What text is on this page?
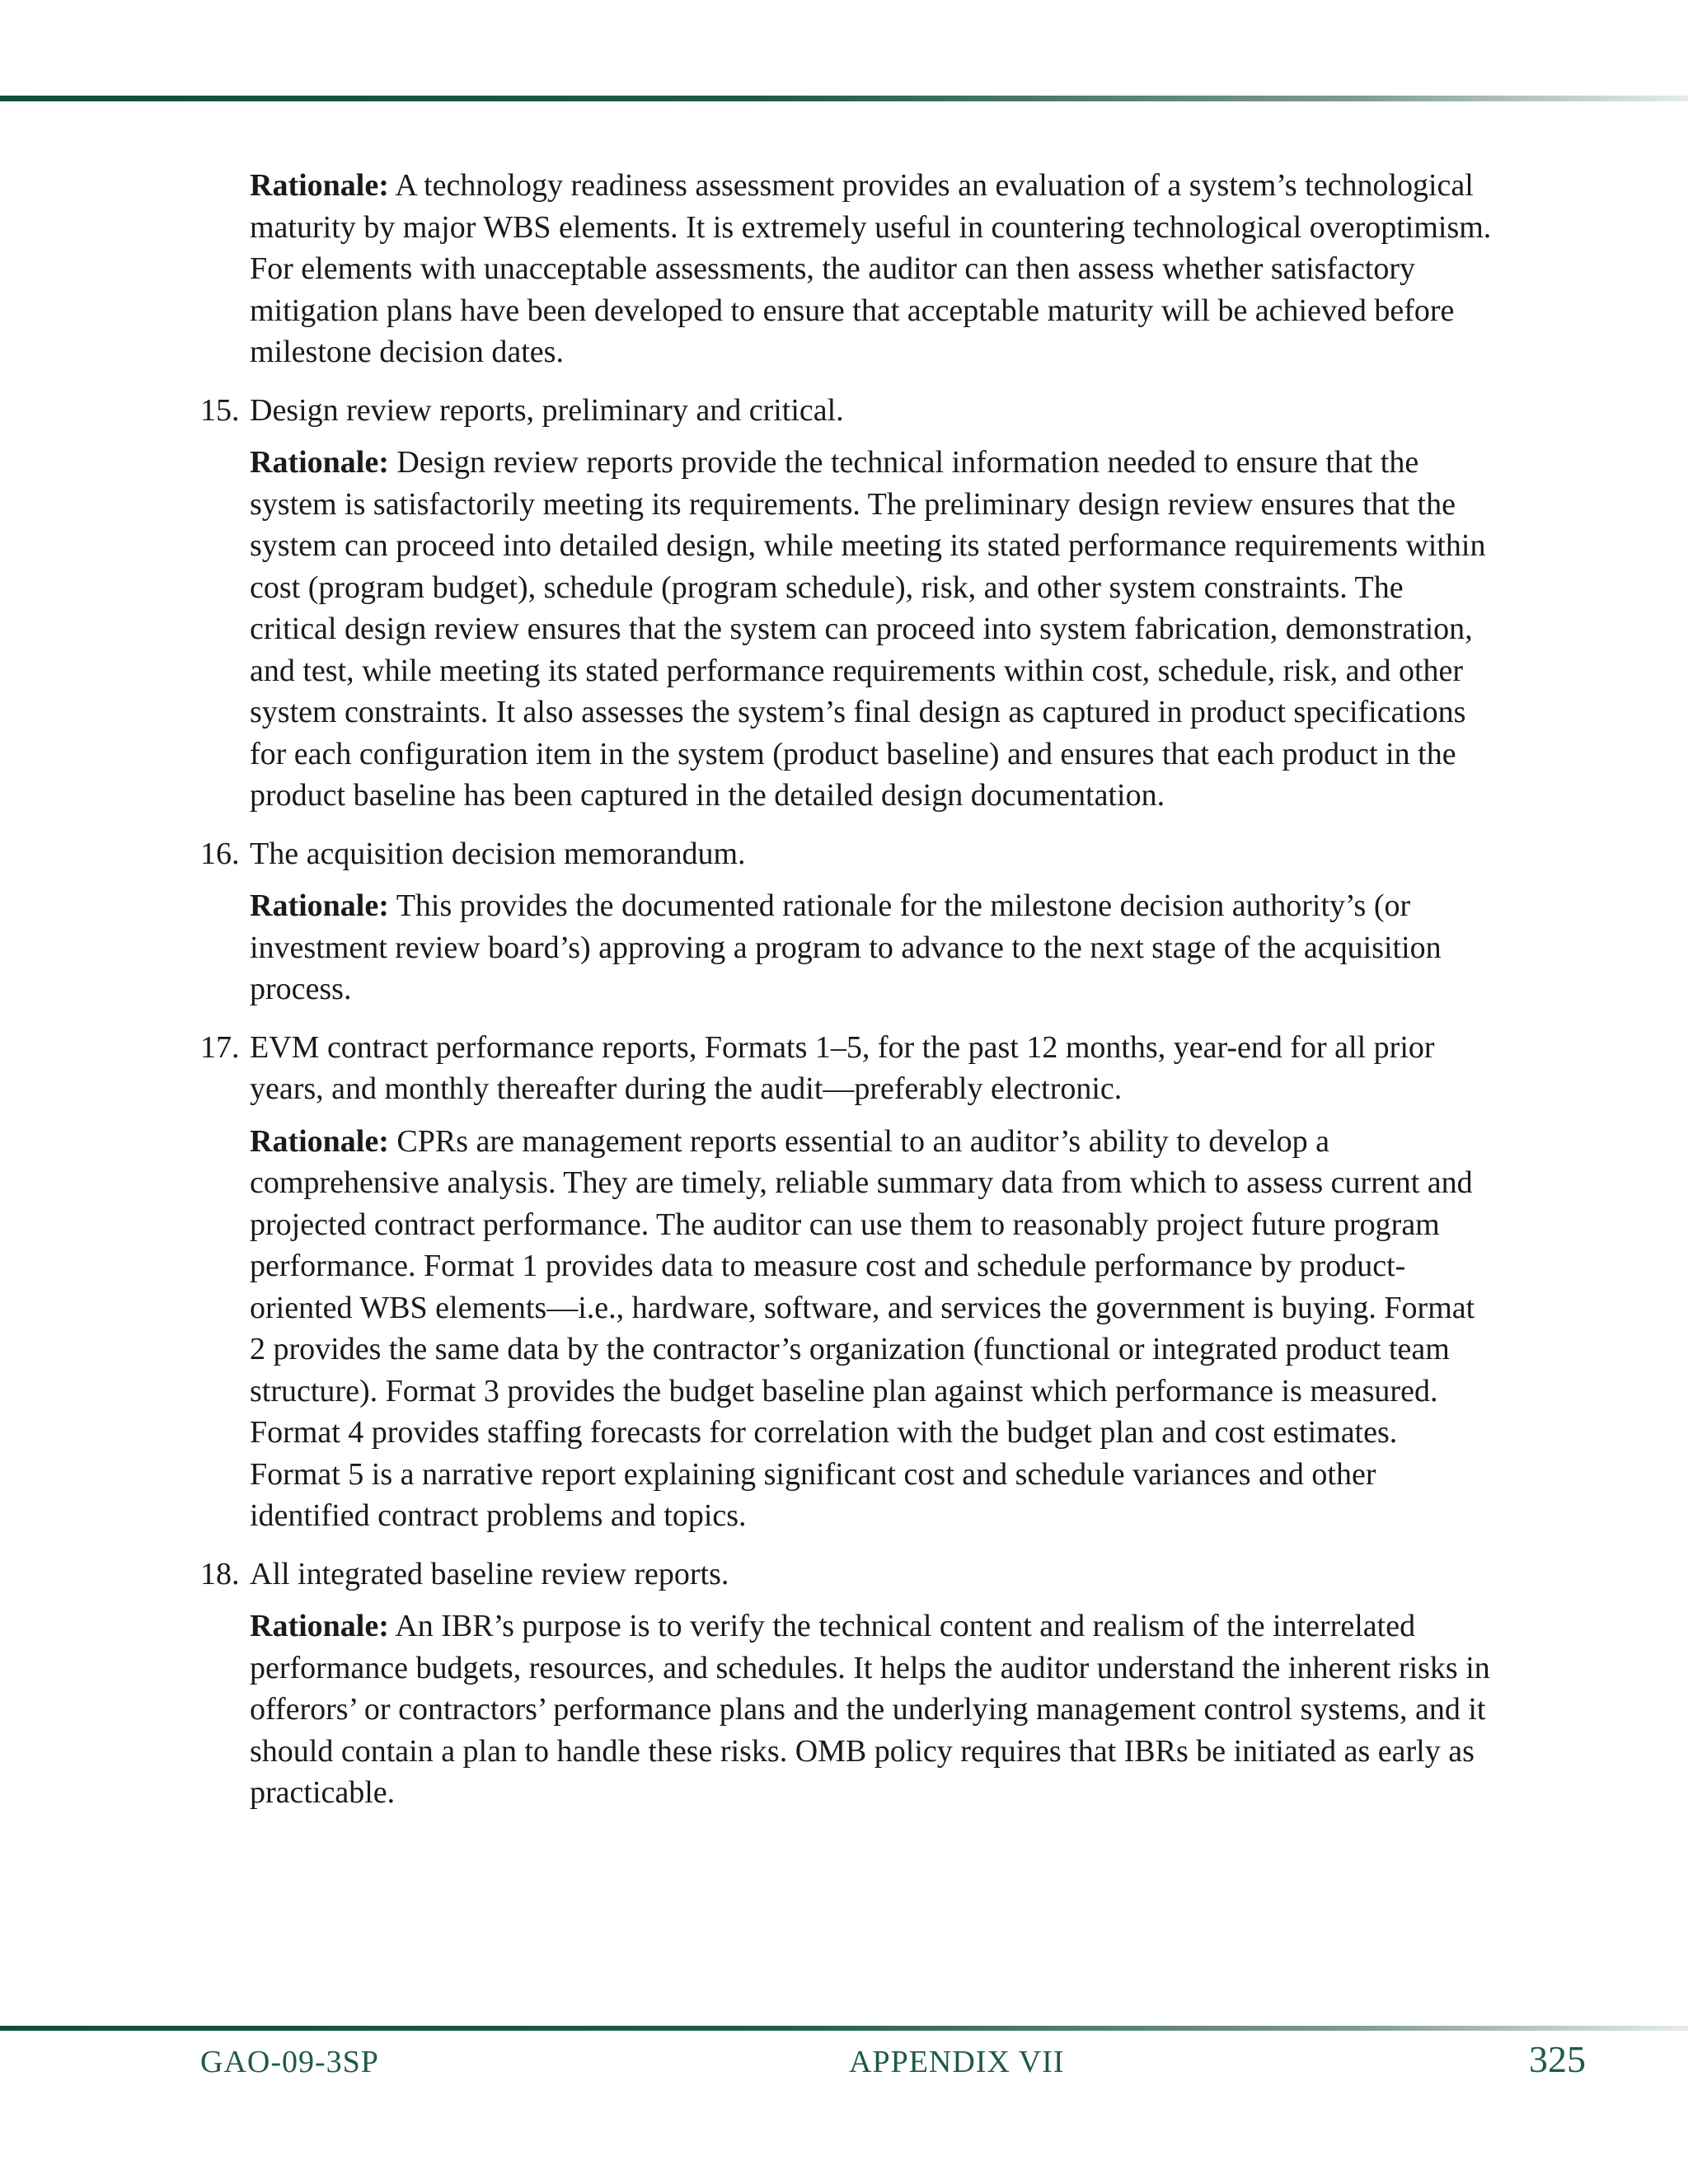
Rationale: A technology readiness assessment provides an evaluation of a system’s technological maturity by major WBS elements. It is extremely useful in countering technological overoptimism. For elements with unacceptable assessments, the auditor can then assess whether satisfactory mitigation plans have been developed to ensure that acceptable maturity will be achieved before milestone decision dates.

15. Design review reports, preliminary and critical.

Rationale: Design review reports provide the technical information needed to ensure that the system is satisfactorily meeting its requirements. The preliminary design review ensures that the system can proceed into detailed design, while meeting its stated performance requirements within cost (program budget), schedule (program schedule), risk, and other system constraints. The critical design review ensures that the system can proceed into system fabrication, demonstration, and test, while meeting its stated performance requirements within cost, schedule, risk, and other system constraints. It also assesses the system’s final design as captured in product specifications for each configuration item in the system (product baseline) and ensures that each product in the product baseline has been captured in the detailed design documentation.

16. The acquisition decision memorandum.

Rationale: This provides the documented rationale for the milestone decision authority’s (or investment review board’s) approving a program to advance to the next stage of the acquisition process.

17. EVM contract performance reports, Formats 1–5, for the past 12 months, year-end for all prior years, and monthly thereafter during the audit—preferably electronic.

Rationale: CPRs are management reports essential to an auditor’s ability to develop a comprehensive analysis. They are timely, reliable summary data from which to assess current and projected contract performance. The auditor can use them to reasonably project future program performance. Format 1 provides data to measure cost and schedule performance by product-oriented WBS elements—i.e., hardware, software, and services the government is buying. Format 2 provides the same data by the contractor’s organization (functional or integrated product team structure). Format 3 provides the budget baseline plan against which performance is measured. Format 4 provides staffing forecasts for correlation with the budget plan and cost estimates. Format 5 is a narrative report explaining significant cost and schedule variances and other identified contract problems and topics.

18. All integrated baseline review reports.

Rationale: An IBR’s purpose is to verify the technical content and realism of the interrelated performance budgets, resources, and schedules. It helps the auditor understand the inherent risks in offerors’ or contractors’ performance plans and the underlying management control systems, and it should contain a plan to handle these risks. OMB policy requires that IBRs be initiated as early as practicable.

GAO-09-3SP	APPENDIX VII	325
